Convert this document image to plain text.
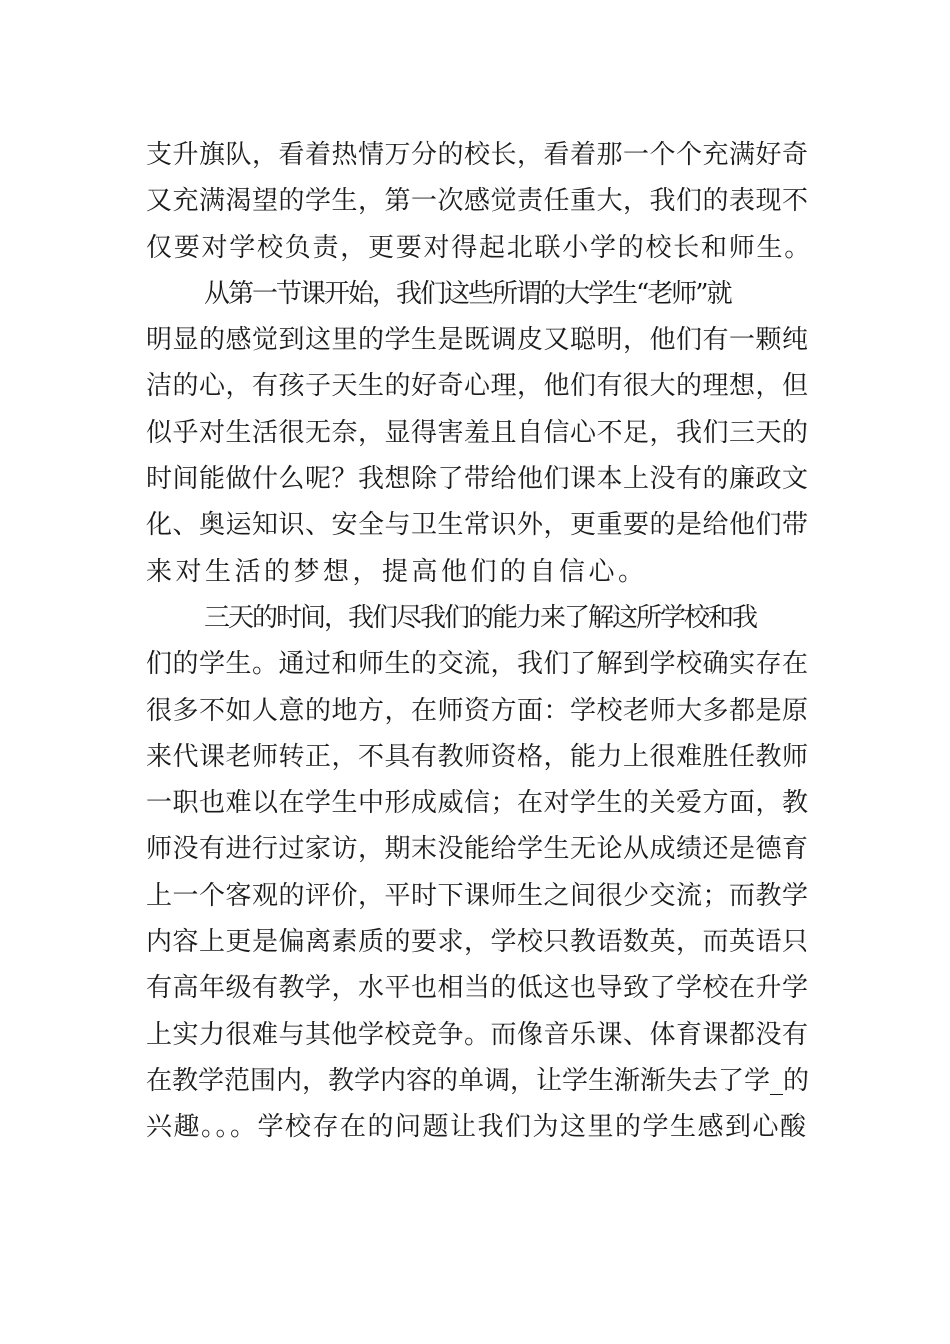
支升旗队，看着热情万分的校长，看着那一个个充满好奇
又充满渴望的学生，第一次感觉责任重大，我们的表现不
仅要对学校负责，更要对得起北联小学的校长和师生。
从第一节课开始，我们这些所谓的大学生“老师”就
明显的感觉到这里的学生是既调皮又聪明，他们有一颗纯
洁的心，有孩子天生的好奇心理，他们有很大的理想，但
似乎对生活很无奈，显得害羞且自信心不足，我们三天的
时间能做什么呢？我想除了带给他们课本上没有的廉政文
化、奥运知识、安全与卫生常识外，更重要的是给他们带
来对生活的梦想，提高他们的自信心。
三天的时间，我们尽我们的能力来了解这所学校和我
们的学生。通过和师生的交流，我们了解到学校确实存在
很多不如人意的地方，在师资方面：学校老师大多都是原
来代课老师转正，不具有教师资格，能力上很难胜任教师
一职也难以在学生中形成威信；在对学生的关爱方面，教
师没有进行过家访，期末没能给学生无论从成绩还是德育
上一个客观的评价，平时下课师生之间很少交流；而教学
内容上更是偏离素质的要求，学校只教语数英，而英语只
有高年级有教学，水平也相当的低这也导致了学校在升学
上实力很难与其他学校竞争。而像音乐课、体育课都没有
在教学范围内，教学内容的单调，让学生渐渐失去了学_的
兴趣。。。学校存在的问题让我们为这里的学生感到心酸
